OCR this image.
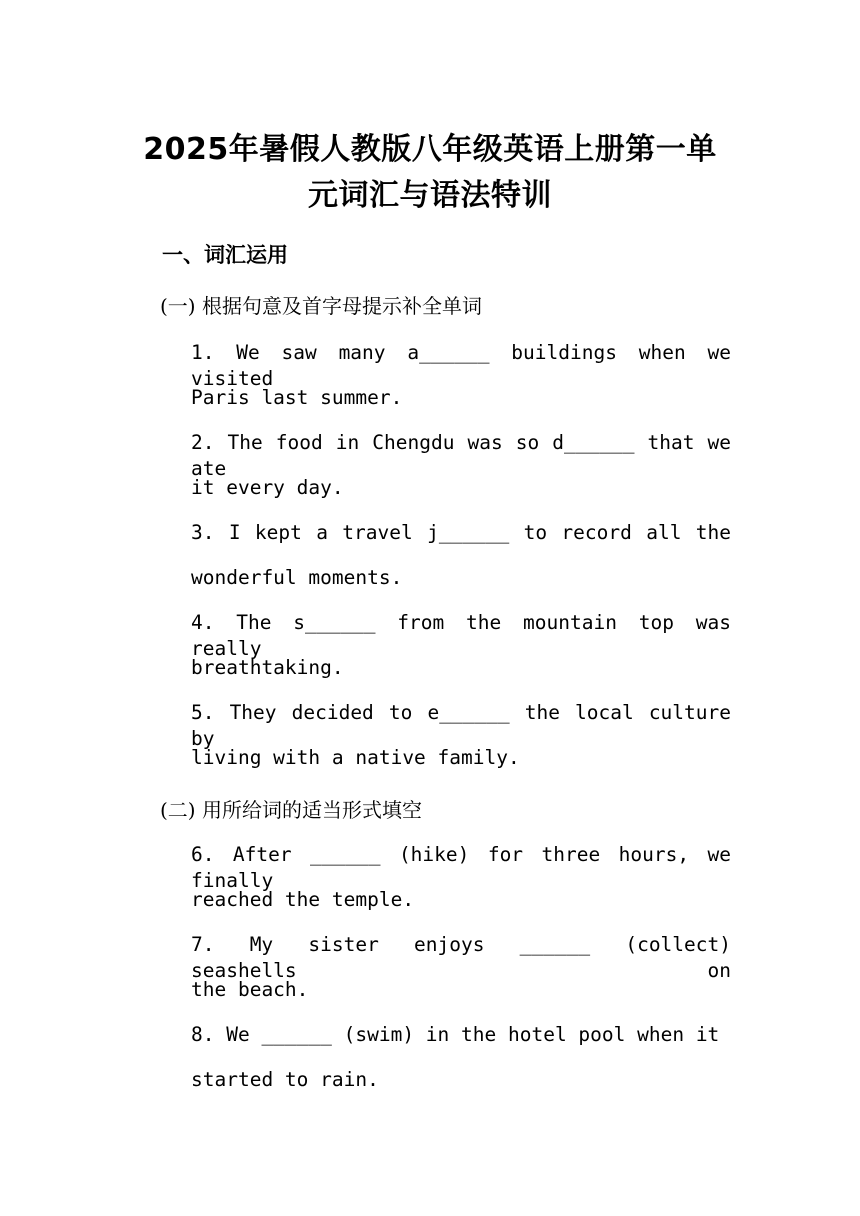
2025年暑假人教版八年级英语上册第一单
元词汇与语法特训
一、词汇运用
(一) 根据句意及首字母提示补全单词
1. We saw many a______ buildings when we visited
Paris last summer.
2. The food in Chengdu was so d______ that we ate
it every day.
3. I kept a travel j______ to record all the
wonderful moments.
4. The s______ from the mountain top was really
breathtaking.
5. They decided to e______ the local culture by
living with a native family.
(二) 用所给词的适当形式填空
6. After ______ (hike) for three hours, we finally
reached the temple.
7. My sister enjoys ______ (collect) seashells on
the beach.
8. We ______ (swim) in the hotel pool when it
started to rain.
